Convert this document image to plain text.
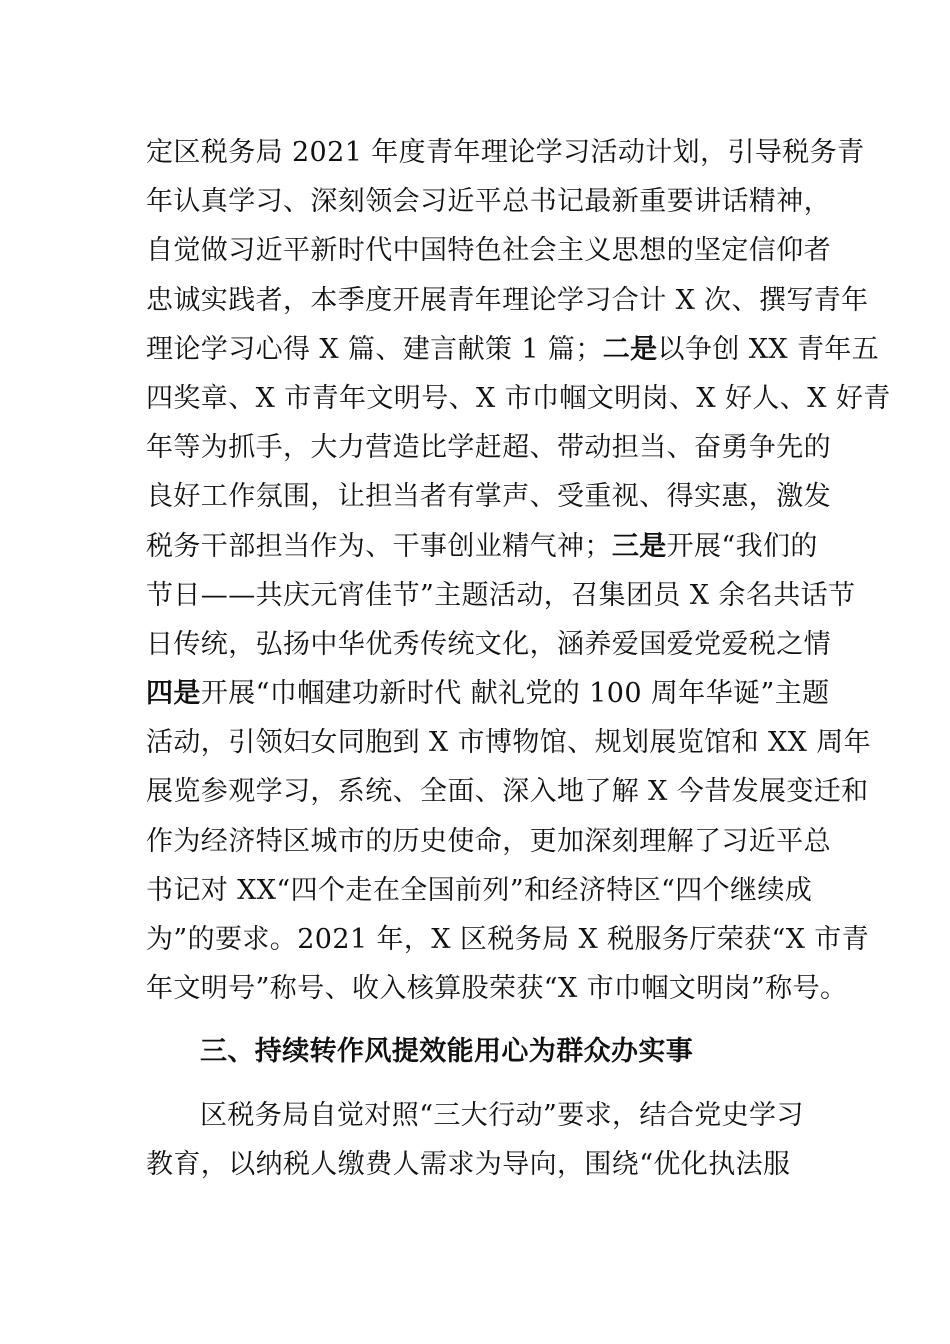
定区税务局 2021 年度青年理论学习活动计划，引导税务青
年认真学习、深刻领会习近平总书记最新重要讲话精神，
自觉做习近平新时代中国特色社会主义思想的坚定信仰者
忠诚实践者，本季度开展青年理论学习合计 X 次、撰写青年
理论学习心得 X 篇、建言献策 1 篇；二是以争创 XX 青年五
四奖章、X 市青年文明号、X 市巾帼文明岗、X 好人、X 好青
年等为抓手，大力营造比学赶超、带动担当、奋勇争先的
良好工作氛围，让担当者有掌声、受重视、得实惠，激发
税务干部担当作为、干事创业精气神；三是开展“我们的
节日——共庆元宵佳节”主题活动，召集团员 X 余名共话节
日传统，弘扬中华优秀传统文化，涵养爱国爱党爱税之情
四是开展“巾帼建功新时代 献礼党的 100 周年华诞”主题
活动，引领妇女同胞到 X 市博物馆、规划展览馆和 XX 周年
展览参观学习，系统、全面、深入地了解 X 今昔发展变迁和
作为经济特区城市的历史使命，更加深刻理解了习近平总
书记对 XX“四个走在全国前列”和经济特区“四个继续成
为”的要求。2021 年，X 区税务局 X 税服务厅荣获“X 市青
年文明号”称号、收入核算股荣获“X 市巾帼文明岗”称号。
三、持续转作风提效能用心为群众办实事
区税务局自觉对照“三大行动”要求，结合党史学习
教育，以纳税人缴费人需求为导向，围绕“优化执法服
